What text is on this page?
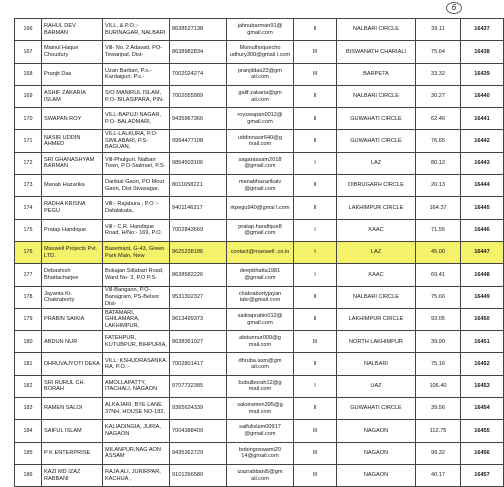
6
166	RAHUL DEV BARMAN	VILL. & P.O.:- BURINAGAR, NALBARI	8638537138	jahnubarman91@ gmail.com	II	NALBARI CIRCLE	39.11	16437
167	Mainul Haque Choudury	Vill- No. 2 Adavati, PO- Tewaripal, Dist-	8638982834	Moinulhoquecho udhury300@gmail l.com	III	BISWANATH CHARIALI	75.64	16438
168	Pranjit Das	Uzan Barbari, P.o.-Kardaiguri, P.s.-	7002024274	pranjitdas23@gm ail.com	III	BARPETA	33.32	16439
169	ASHIF ZAKARIA ISLAM	S/O MANIRUL ISLAM, P.O- BILASIPARA, PIN-	7002055989	galif.zakaria@gm ail.com	II	NALBARI CIRCLE	30.27	16440
170	SWAPAN ROY	VILL-BAPUJI NAGAR, P.O- BALADMARI,	9435967366	royswapan0012@ gmail.com	II	GUWAHATI CIRCLE	62.46	16441
171	NASIR UDDIN AHMED	VILL-LALKURA, P.O-SIMLABARI, P.S-BAGUAN,	9954477108	uddinnasir640@g mail.com	II	GUWAHATI CIRCLE	76.65	16442
172	SRI GHANASHYAM BARMAN	Vill-Phulguri, Nalbari Town, P.O-Sialmari, P.S-	9854503106	sagarassam2018 @gmail.com	I	LAZ	80.12	16443
173	Manab Hazarika	Darikial Gaon, PO Mout Gaon, Dist Sivasagar,	8011658221	manabhazarikaiv @gmail.com	II	DIBRUGARH CIRCLE	20.13	16444
174	RADHA KRISNA PEGU	Vill:- Rajabura , P.O :- Dafalakata,	9401146317	rkpegu940@gmai l.com	II	LAKHIMPUR CIRCLE	164.37	16445
175	Pratap Handique	Vill:- C.R. Handique Road, H/No:- 169, P.O.	7002843669	pratap.handique8 @gmail.com	I	KAAC	71.55	16446
176	Maxwell Projects Pvt. LTD.	Basemant, G-43, Green Park Main, New	9625238186	contact@maxwell .co.in	I	LAZ	45.00	16447
177	Debashish Bhattacharjee	Bokajan Sitlabari Road, Ward No- 3, P.O P.S-	8638582226	deepbhatta1981 @gmail.com	I	KAAC	69.41	16448
178	Jayanta Kr. Chakraborty	Vill-Bangaon, P.O-Banagram, PS-Belsor Dist-	9531302327	chakrabortyjayan takr@gmail.com	II	NALBARI CIRCLE	75.66	16449
179	PRABIN SAIKIA	BATAMARI, GHILAMARA, LAKHIMPUR,	9613499373	saikiaprabin012@ gmail.com	II	LAKHIMPUR CIRCLE	93.05	16450
180	ABDUN NUR	FATEHPUR, KUTUBPUR, BIHPURIA,	8638361027	abdunnur000@g mail.com	III	NORTH LAKHIMPUR	39.90	16451
181	DHRUVAJYOTI DEKA	VILL: KSHUDRASANKA RA, P.O.:-	7002801417	dhruba.asm@gm ail.com	II	NALBARI	75.16	16452
182	SRI RURUL CH. BORAH	AMOLLAPATTY, ITACHALI, NAGAON	9707732385	bubulborah12@g mail.com	I	UAZ	106.40	16453
183	RAMEN SALOI	ALKAJARI, BYE LANE 37NH, HOUSE NO-182,	9365624339	saloiramen395@g mail.com	II	GUWAHATI CIRCLE	39.56	16454
184	SAIFUL ISLAM	KALIADINGIA, JURIA, NAGAON	7004388409	saifulislam00917 @gmail.com	III	NAGAON	112.75	16455
185	P K ENTERPRISE	MILANPUR,NAG AON ASSAM	9435362729	bobingoswami20 14@gmail.com	III	NAGAON	99.32	16456
186	KAZI MD IZAZ RABBANI	RAJA ALI, JURIRPAR, KACHUA ,	9101266580	izazrabbani5@gm ail.com	III	NAGAON	40.17	16457
